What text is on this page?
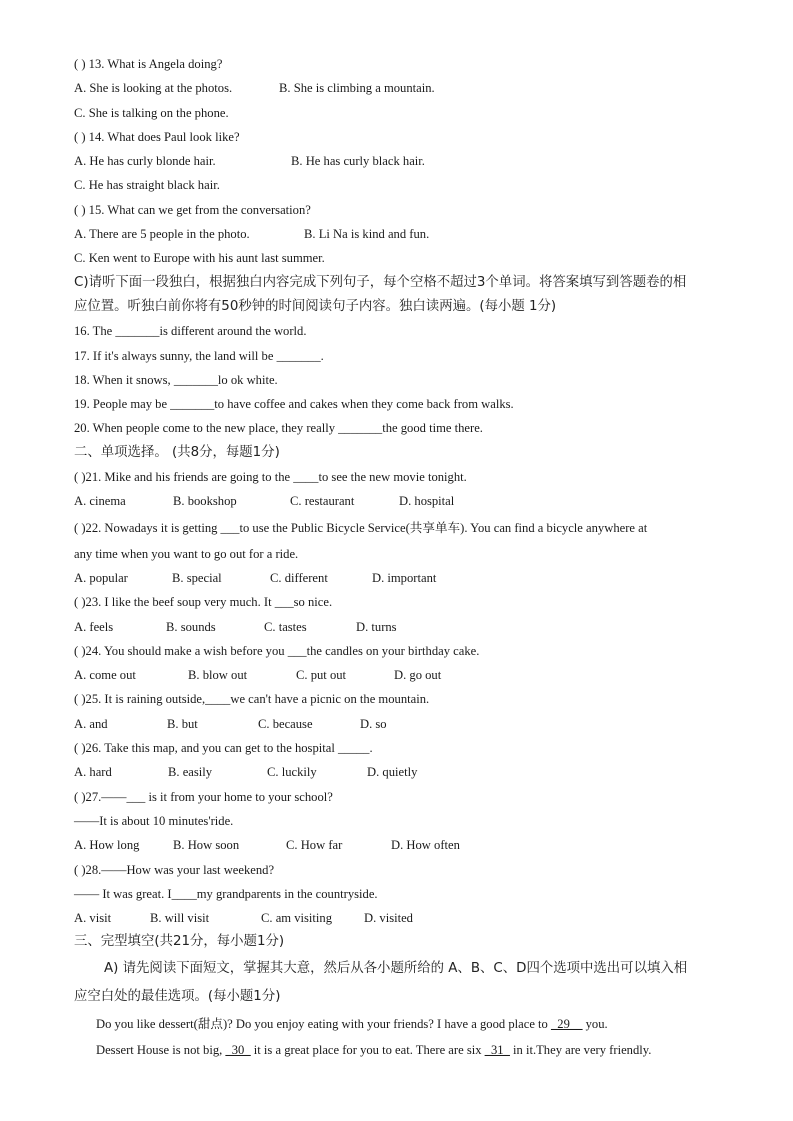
( ) 13. What is Angela doing?
A. She is looking at the photos.	B. She is climbing a mountain.
C. She is talking on the phone.
( ) 14. What does Paul look like?
A. He has curly blonde hair.	B. He has curly black hair.
C. He has straight black hair.
( ) 15. What can we get from the conversation?
A. There are 5 people in the photo.	B. Li Na is kind and fun.
C. Ken went to Europe with his aunt last summer.
C)请听下面一段独白，根据独白内容完成下列句子，每个空格不超过3个单词。将答案填写到答题卷的相
应位置。听独白前你将有50秒钟的时间阅读句子内容。独白读两遍。(每小题 1分)
16. The _______is different around the world.
17. If it's always sunny, the land will be _______.
18. When it snows, _______lo ok white.
19. People may be _______to have coffee and cakes when they come back from walks.
20. When people come to the new place, they really _______the good time there.
二、单项选择。 (共8分，每题1分)
( )21. Mike and his friends are going to the ____to see the new movie tonight.
A. cinema	B. bookshop	C. restaurant	D. hospital
( )22. Nowadays it is getting ___to use the Public Bicycle Service(共享单车). You can find a bicycle anywhere at
any time when you want to go out for a ride.
A. popular	B. special	C. different	D. important
( )23. I like the beef soup very much. It ___so nice.
A. feels	B. sounds	C. tastes	D. turns
( )24. You should make a wish before you ___the candles on your birthday cake.
A. come out	B. blow out	C. put out	D. go out
( )25. It is raining outside,____we can't have a picnic on the mountain.
A. and	B. but	C. because	D. so
( )26. Take this map, and you can get to the hospital _____.
A. hard	B. easily	C. luckily	D. quietly
( )27.——___ is it from your home to your school?
——It is about 10 minutes'ride.
A. How long	B. How soon	C. How far	D. How often
( )28.——How was your last weekend?
—— It was great. I____my grandparents in the countryside.
A. visit	B. will visit	C. am visiting	D. visited
三、完型填空(共21分，每小题1分)
A) 请先阅读下面短文，掌握其大意，然后从各小题所给的 A、B、C、D四个选项中选出可以填入相
应空白处的最佳选项。(每小题1分)
Do you like dessert(甜点)? Do you enjoy eating with your friends? I have a good place to _29__ you.
Dessert House is not big, _30_ it is a great place for you to eat. There are six _31_ in it.They are very friendly.
